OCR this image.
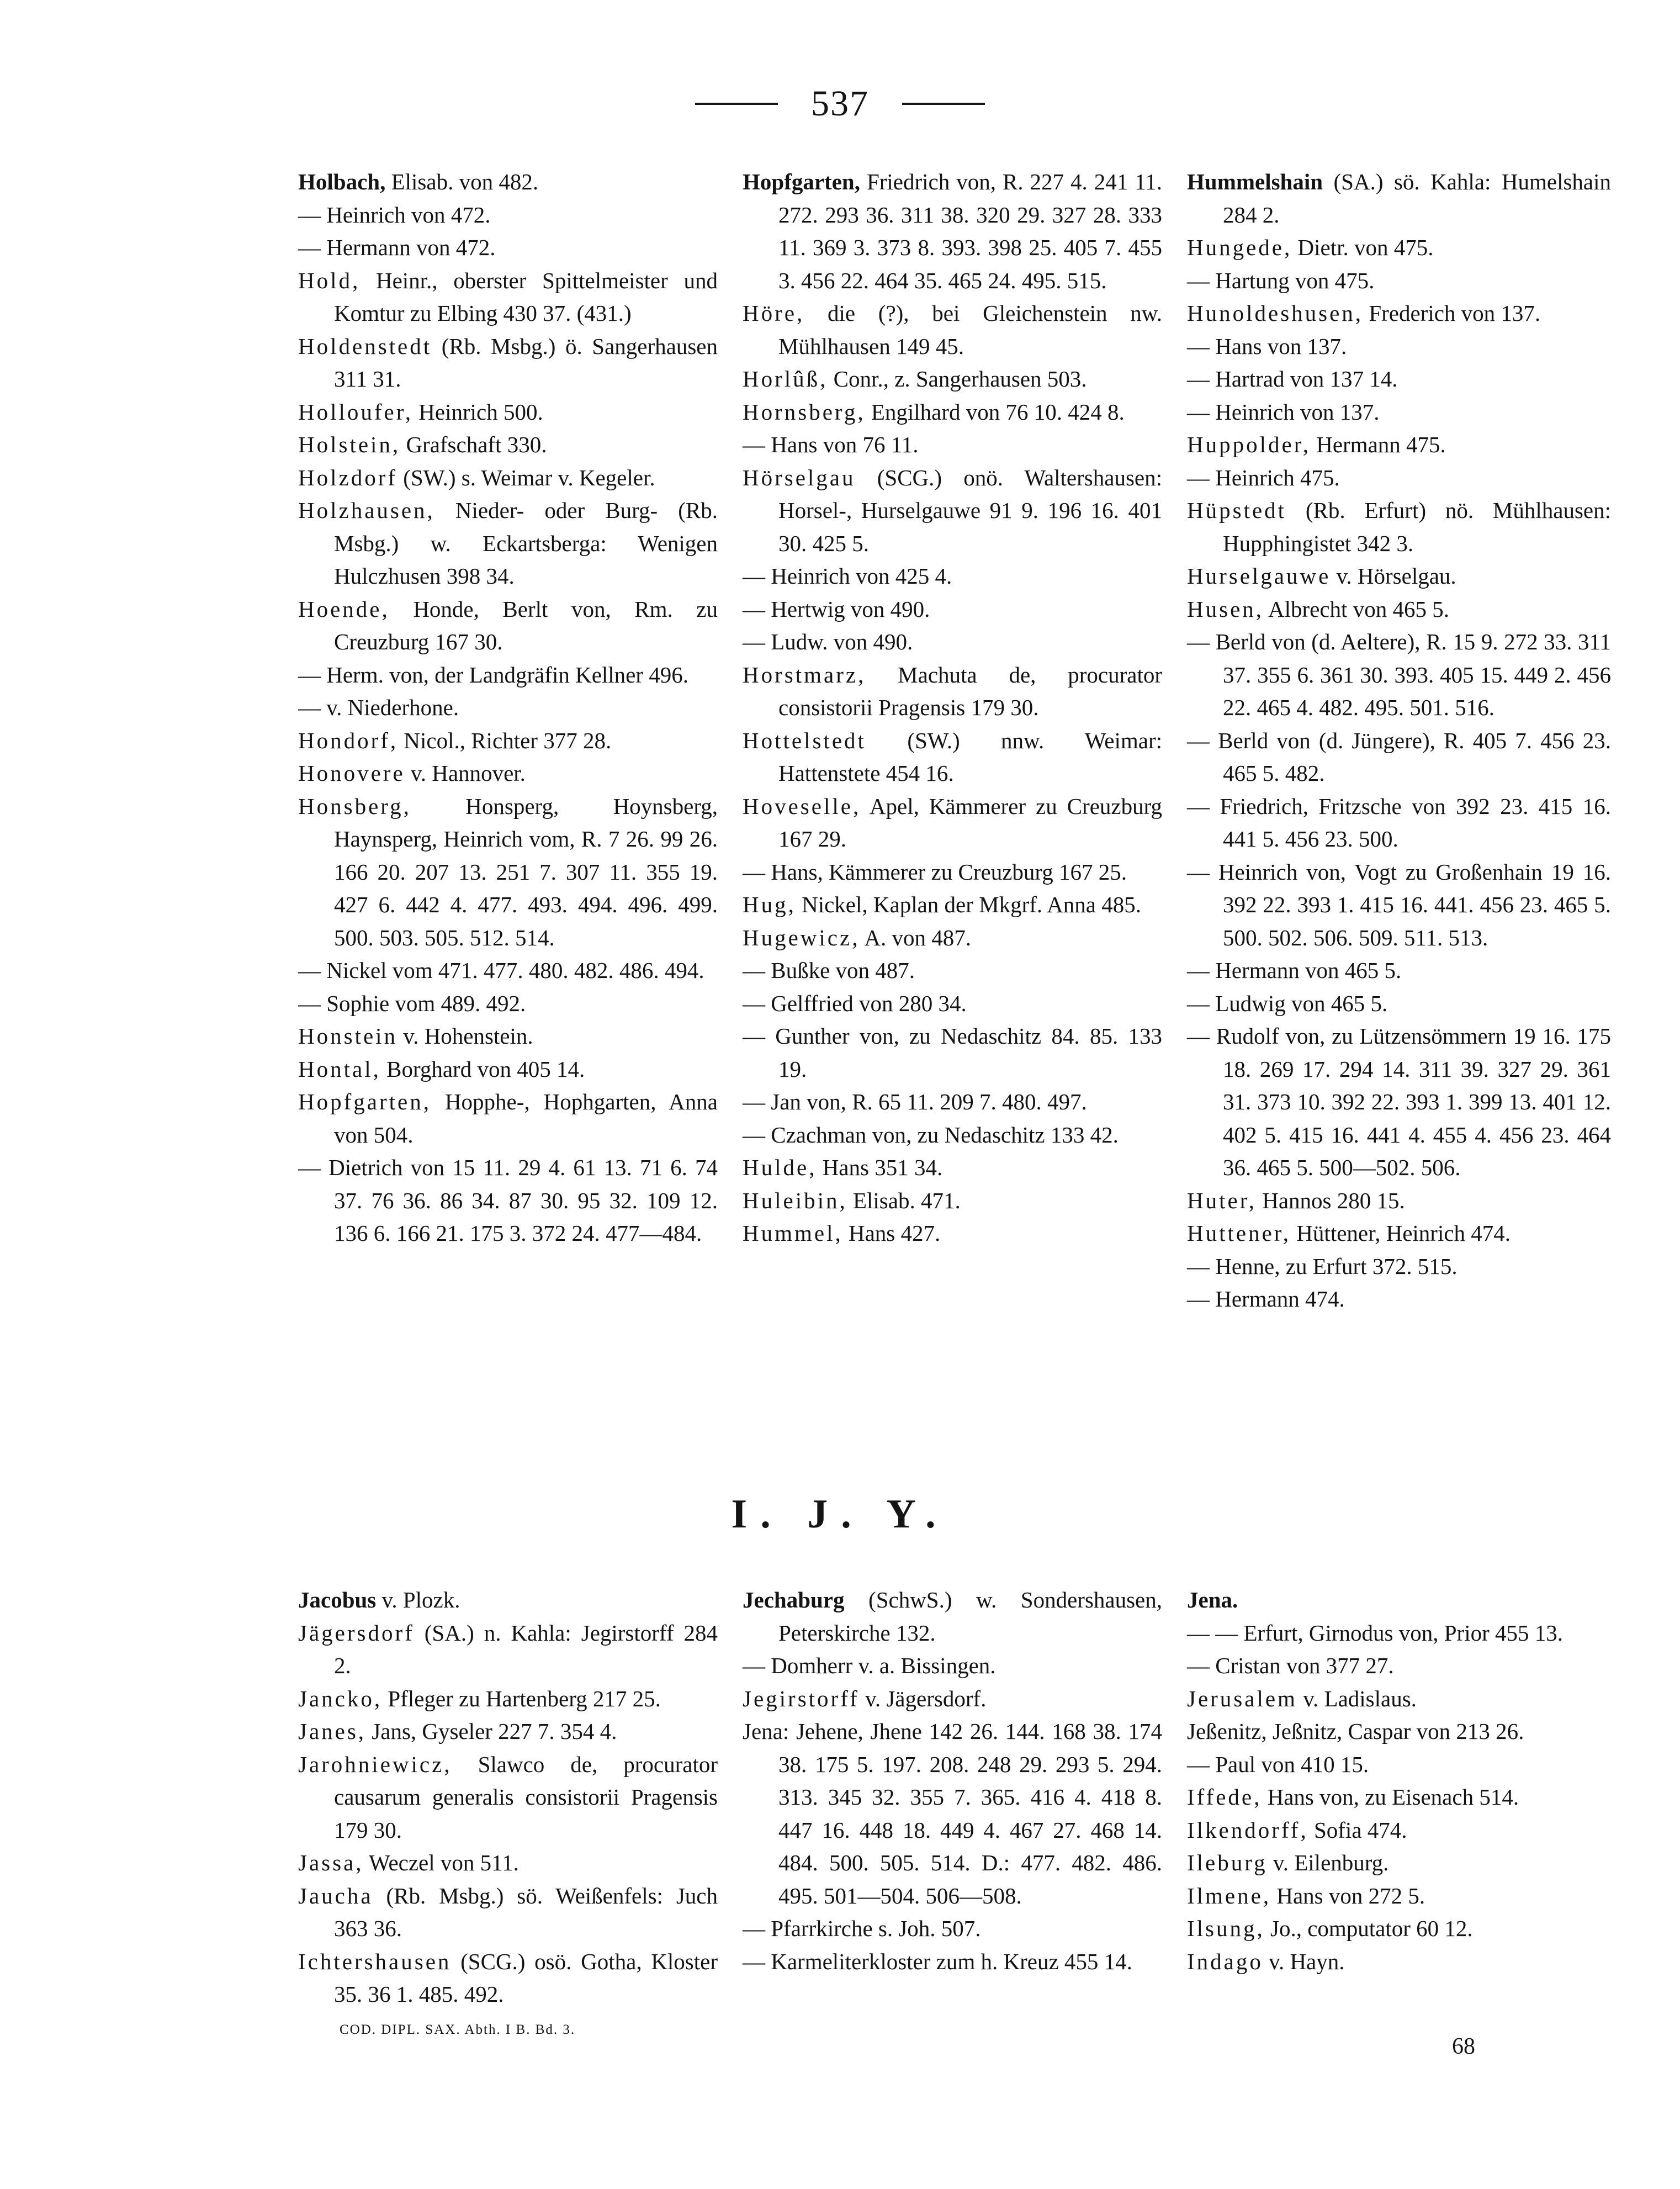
537
Holbach, Elisab. von 482.
— Heinrich von 472.
— Hermann von 472.
Hold, Heinr., oberster Spittelmeister und Komtur zu Elbing 430 37. (431.)
Holdenstedt (Rb. Msbg.) ö. Sangerhausen 311 31.
Holloufer, Heinrich 500.
Holstein, Grafschaft 330.
Holzdorf (SW.) s. Weimar v. Kegeler.
Holzhausen, Nieder- oder Burg- (Rb. Msbg.) w. Eckartsberga: Wenigen Hulczhusen 398 34.
Hoende, Honde, Berlt von, Rm. zu Creuzburg 167 30.
— Herm. von, der Landgräfin Kellner 496.
— v. Niederhone.
Hondorf, Nicol., Richter 377 28.
Honovere v. Hannover.
Honsberg, Honsperg, Hoynsberg, Haynsperg, Heinrich vom, R. 7 26. 99 26. 166 20. 207 13. 251 7. 307 11. 355 19. 427 6. 442 4. 477. 493. 494. 496. 499. 500. 503. 505. 512. 514.
— Nickel vom 471. 477. 480. 482. 486. 494.
— Sophie vom 489. 492.
Honstein v. Hohenstein.
Hontal, Borghard von 405 14.
Hopfgarten, Hopphe-, Hophgarten, Anna von 504.
— Dietrich von 15 11. 29 4. 61 13. 71 6. 74 37. 76 36. 86 34. 87 30. 95 32. 109 12. 136 6. 166 21. 175 3. 372 24. 477—484.
Hopfgarten, Friedrich von, R. 227 4. 241 11. 272. 293 36. 311 38. 320 29. 327 28. 333 11. 369 3. 373 8. 393. 398 25. 405 7. 455 3. 456 22. 464 35. 465 24. 495. 515.
Höre, die (?), bei Gleichenstein nw. Mühlhausen 149 45.
Horlûß, Conr., z. Sangerhausen 503.
Hornsberg, Engilhard von 76 10. 424 8.
— Hans von 76 11.
Hörselgau (SCG.) onö. Waltershausen: Horsel-, Hurselgauwe 91 9. 196 16. 401 30. 425 5.
— Heinrich von 425 4.
— Hertwig von 490.
— Ludw. von 490.
Horstmarz, Machuta de, procurator consistorii Pragensis 179 30.
Hottelstedt (SW.) nnw. Weimar: Hattenstete 454 16.
Hoveselle, Apel, Kämmerer zu Creuzburg 167 29.
— Hans, Kämmerer zu Creuzburg 167 25.
Hug, Nickel, Kaplan der Mkgrf. Anna 485.
Hugewicz, A. von 487.
— Bußke von 487.
— Gelffried von 280 34.
— Gunther von, zu Nedaschitz 84. 85. 133 19.
— Jan von, R. 65 11. 209 7. 480. 497.
— Czachman von, zu Nedaschitz 133 42.
Hulde, Hans 351 34.
Huleibin, Elisab. 471.
Hummel, Hans 427.
Hummelshain (SA.) sö. Kahla: Humelshain 284 2.
Hungede, Dietr. von 475.
— Hartung von 475.
Hunoldeshusen, Frederich von 137.
— Hans von 137.
— Hartrad von 137 14.
— Heinrich von 137.
Huppolder, Hermann 475.
— Heinrich 475.
Hüpstedt (Rb. Erfurt) nö. Mühlhausen: Hupphingistet 342 3.
Hurselgauwe v. Hörselgau.
Husen, Albrecht von 465 5.
— Berld von (d. Aeltere), R. 15 9. 272 33. 311 37. 355 6. 361 30. 393. 405 15. 449 2. 456 22. 465 4. 482. 495. 501. 516.
— Berld von (d. Jüngere), R. 405 7. 456 23. 465 5. 482.
— Friedrich, Fritzsche von 392 23. 415 16. 441 5. 456 23. 500.
— Heinrich von, Vogt zu Großenhain 19 16. 392 22. 393 1. 415 16. 441. 456 23. 465 5. 500. 502. 506. 509. 511. 513.
— Hermann von 465 5.
— Ludwig von 465 5.
— Rudolf von, zu Lützensömmern 19 16. 175 18. 269 17. 294 14. 311 39. 327 29. 361 31. 373 10. 392 22. 393 1. 399 13. 401 12. 402 5. 415 16. 441 4. 455 4. 456 23. 464 36. 465 5. 500—502. 506.
Huter, Hannos 280 15.
Huttener, Hüttener, Heinrich 474.
— Henne, zu Erfurt 372. 515.
— Hermann 474.
I. J. Y.
Jacobus v. Plozk.
Jägersdorf (SA.) n. Kahla: Jegirstorff 284 2.
Jancko, Pfleger zu Hartenberg 217 25.
Janes, Jans, Gyseler 227 7. 354 4.
Jarohniewicz, Slawco de, procurator causarum generalis consistorii Pragensis 179 30.
Jassa, Weczel von 511.
Jaucha (Rb. Msbg.) sö. Weißenfels: Juch 363 36.
Ichtershausen (SCG.) osö. Gotha, Kloster 35. 36 1. 485. 492.
Jechaburg (SchwS.) w. Sondershausen, Peterskirche 132.
— Domherr v. a. Bissingen.
Jegirstorff v. Jägersdorf.
Jena: Jehene, Jhene 142 26. 144. 168 38. 174 38. 175 5. 197. 208. 248 29. 293 5. 294. 313. 345 32. 355 7. 365. 416 4. 418 8. 447 16. 448 18. 449 4. 467 27. 468 14. 484. 500. 505. 514. D.: 477. 482. 486. 495. 501—504. 506—508.
— Pfarrkirche s. Joh. 507.
— Karmeliterkloster zum h. Kreuz 455 14.
Jena.
— — Erfurt, Girnodus von, Prior 455 13.
— Cristan von 377 27.
Jerusalem v. Ladislaus.
Jeßenitz, Jeßnitz, Caspar von 213 26.
— Paul von 410 15.
Iffede, Hans von, zu Eisenach 514.
Ilkendorff, Sofia 474.
Ileburg v. Eilenburg.
Ilmene, Hans von 272 5.
Ilsung, Jo., computator 60 12.
Indago v. Hayn.
COD. DIPL. SAX. Abth. I B. Bd. 3.
68
